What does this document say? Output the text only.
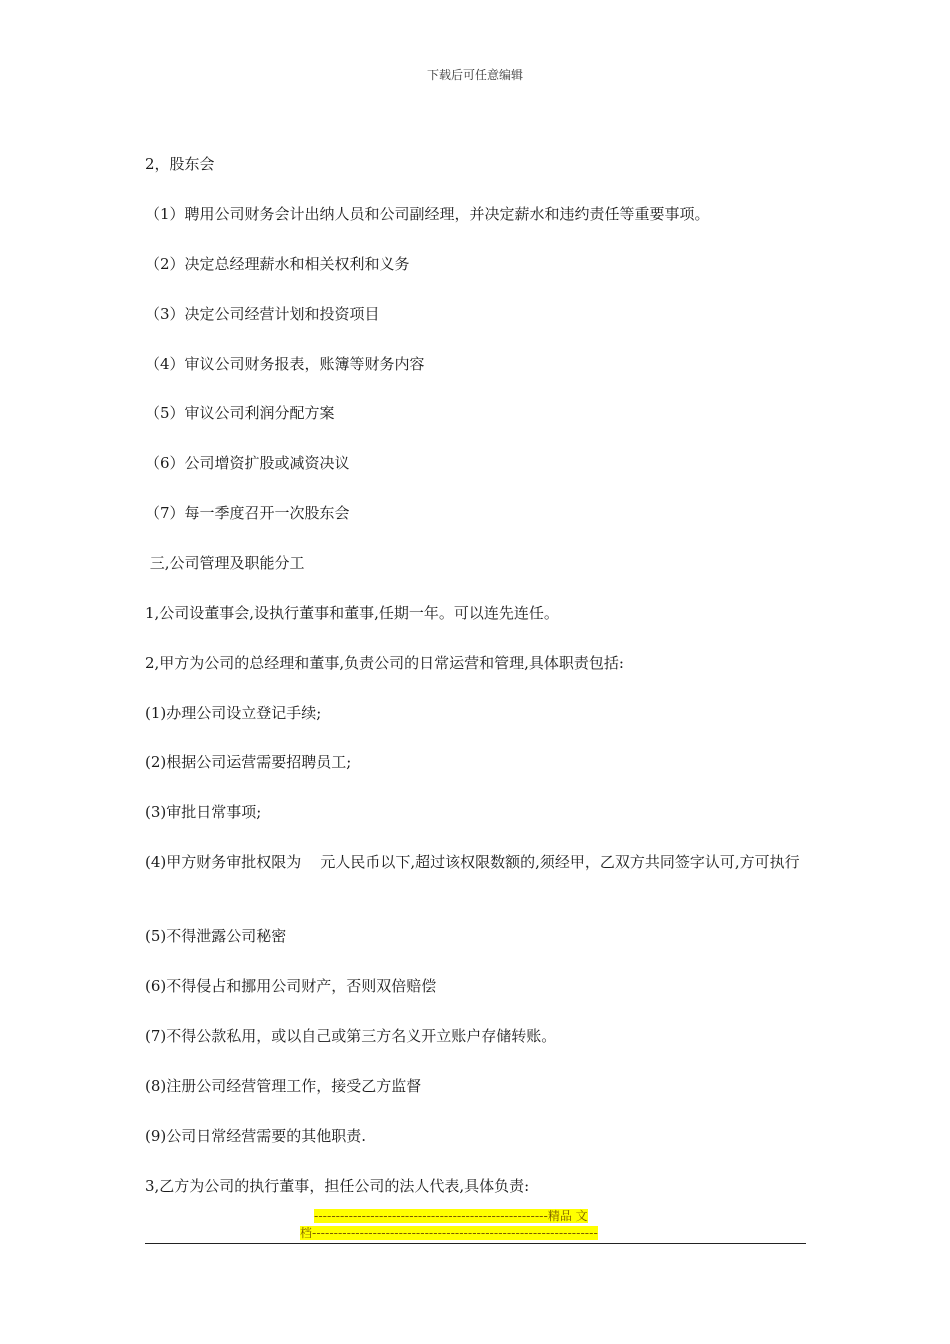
下载后可任意编辑
2，股东会
（1）聘用公司财务会计出纳人员和公司副经理，并决定薪水和违约责任等重要事项。
（2）决定总经理薪水和相关权利和义务
（3）决定公司经营计划和投资项目
（4）审议公司财务报表，账簿等财务内容
（5）审议公司利润分配方案
（6）公司增资扩股或减资决议
（7）每一季度召开一次股东会
三,公司管理及职能分工
1,公司设董事会,设执行董事和董事,任期一年。可以连先连任。
2,甲方为公司的总经理和董事,负责公司的日常运营和管理,具体职责包括:
(1)办理公司设立登记手续;
(2)根据公司运营需要招聘员工;
(3)审批日常事项;
(4)甲方财务审批权限为    元人民币以下,超过该权限数额的,须经甲，乙双方共同签字认可,方可执行
(5)不得泄露公司秘密
(6)不得侵占和挪用公司财产，否则双倍赔偿
(7)不得公款私用，或以自己或第三方名义开立账户存储转账。
(8)注册公司经营管理工作，接受乙方监督
(9)公司日常经营需要的其他职责.
3,乙方为公司的执行董事，担任公司的法人代表,具体负责:
------------------------------------------------------精品 文
档------------------------------------------------------------------
